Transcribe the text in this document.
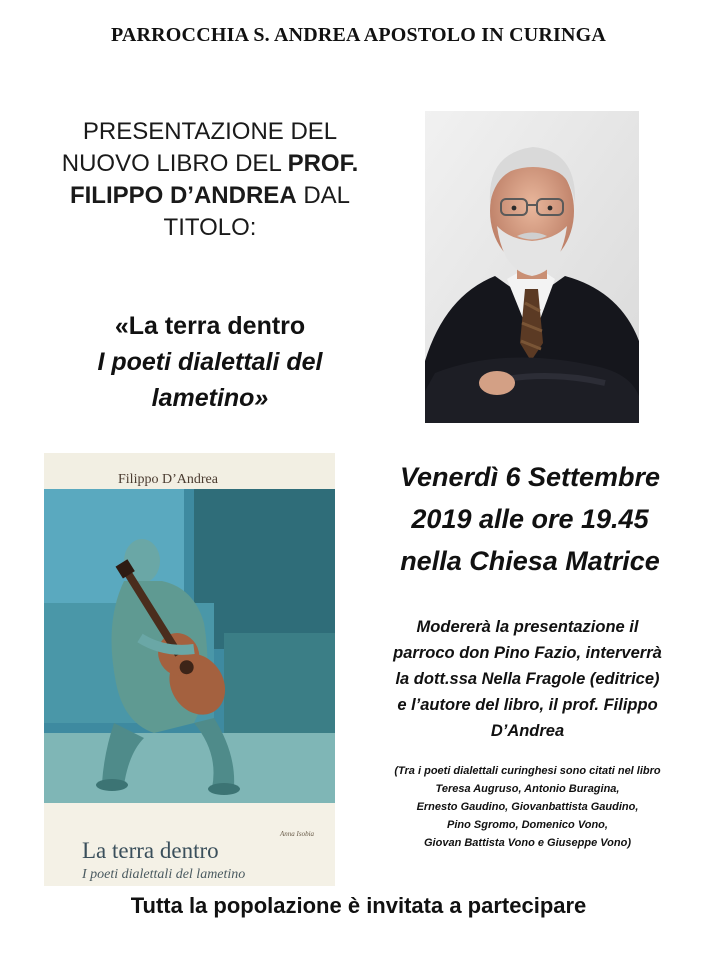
PARROCCHIA S. ANDREA APOSTOLO IN CURINGA
PRESENTAZIONE DEL
NUOVO LIBRO DEL PROF.
FILIPPO D’ANDREA DAL
TITOLO:
«La terra dentro
I poeti dialettali del
lametino»
Anna Isobia
Filippo D’Andrea
La terra dentro
I poeti dialettali del lametino
Venerdì 6 Settembre
2019 alle ore 19.45
nella Chiesa Matrice
Modererà la presentazione il
parroco don Pino Fazio, interverrà
la dott.ssa Nella Fragole (editrice)
e l’autore del libro, il prof. Filippo
D’Andrea
(Tra i poeti dialettali curinghesi sono citati nel libro
Teresa Augruso, Antonio Buragina,
Ernesto Gaudino, Giovanbattista Gaudino,
Pino Sgromo, Domenico Vono,
Giovan Battista Vono e Giuseppe Vono)
Tutta la popolazione è invitata a partecipare
